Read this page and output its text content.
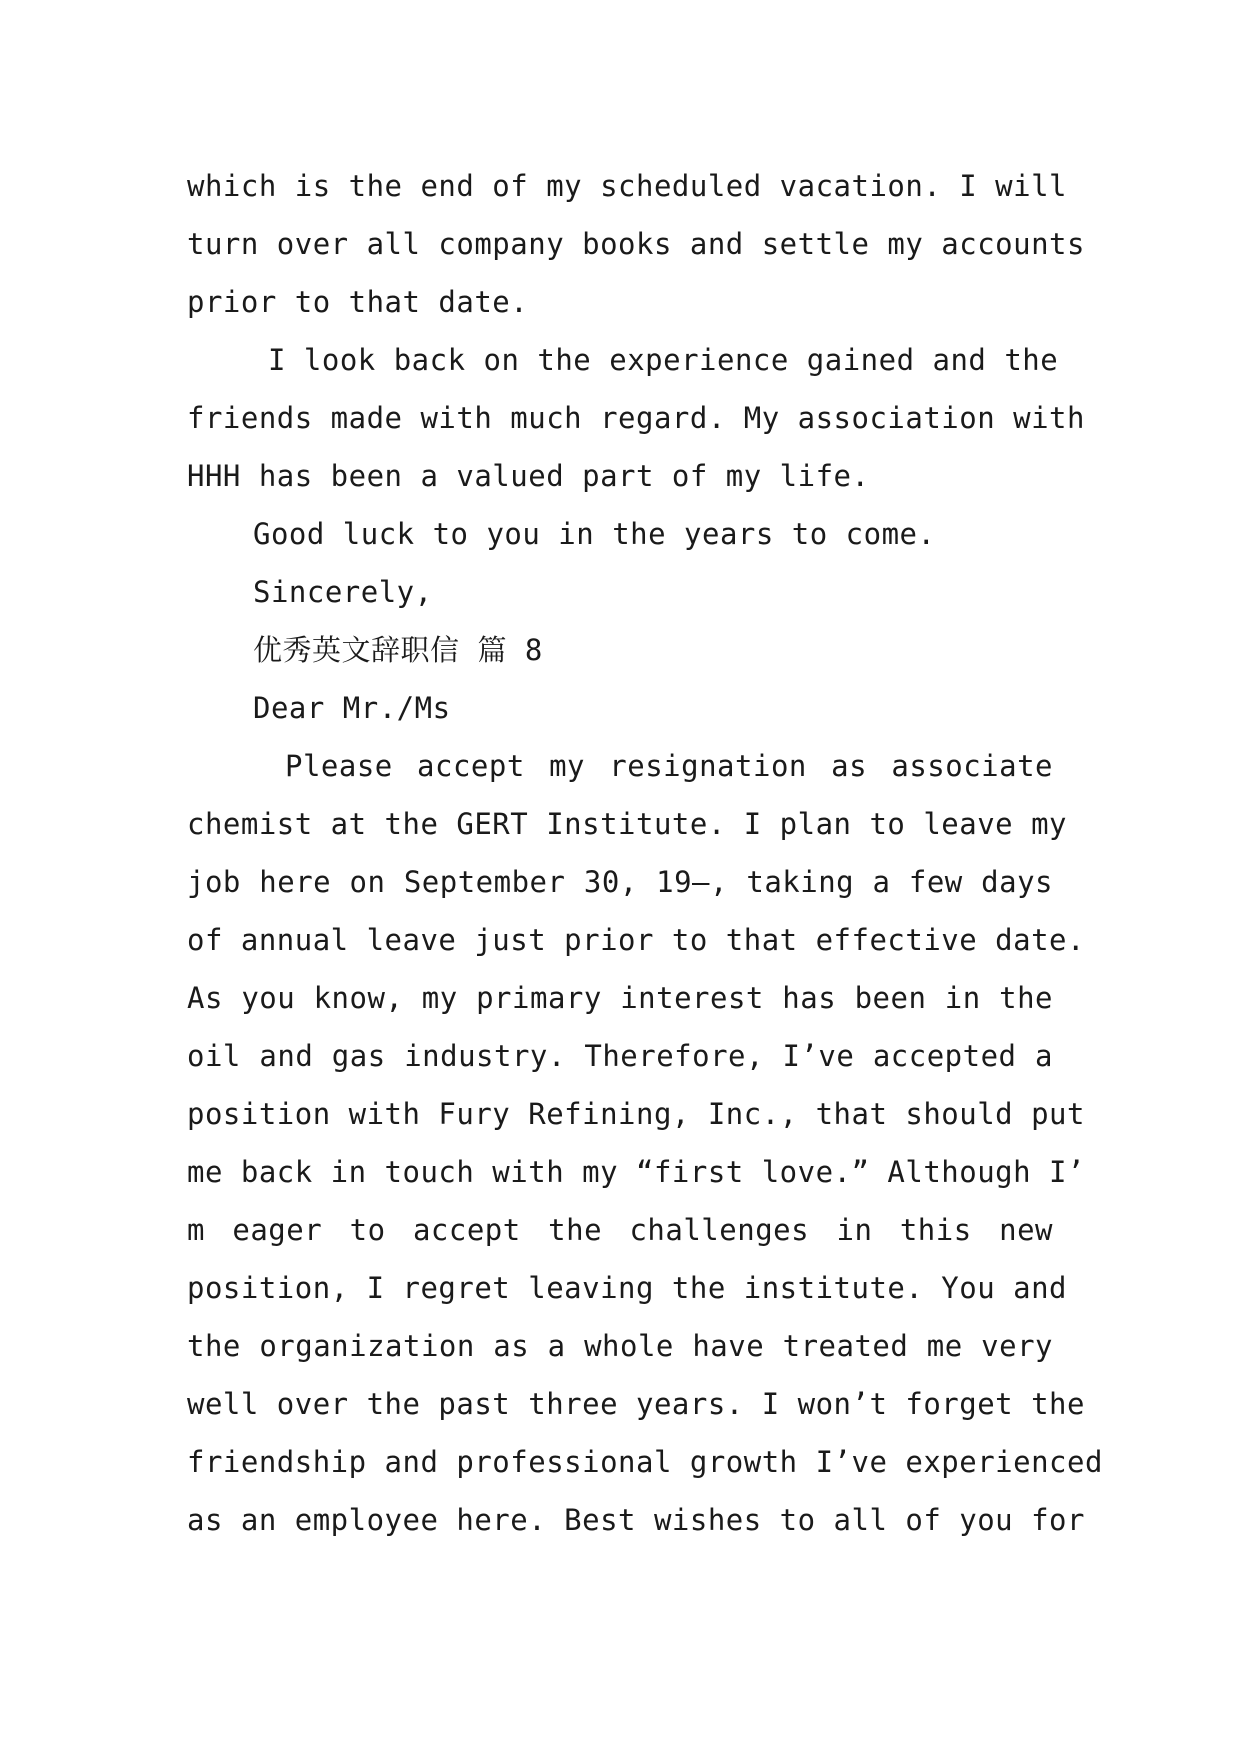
which is the end of my scheduled vacation. I will
turn over all company books and settle my accounts
prior to that date.
I look back on the experience gained and the
friends made with much regard. My association with
HHH has been a valued part of my life.
Good luck to you in the years to come.
Sincerely,
优秀英文辞职信 篇 8
Dear Mr./Ms
Please accept my resignation as associate
chemist at the GERT Institute. I plan to leave my
job here on September 30, 19–, taking a few days
of annual leave just prior to that effective date.
As you know, my primary interest has been in the
oil and gas industry. Therefore, I’ve accepted a
position with Fury Refining, Inc., that should put
me back in touch with my “first love.” Although I’
m eager to accept the challenges in this new
position, I regret leaving the institute. You and
the organization as a whole have treated me very
well over the past three years. I won’t forget the
friendship and professional growth I’ve experienced
as an employee here. Best wishes to all of you for
